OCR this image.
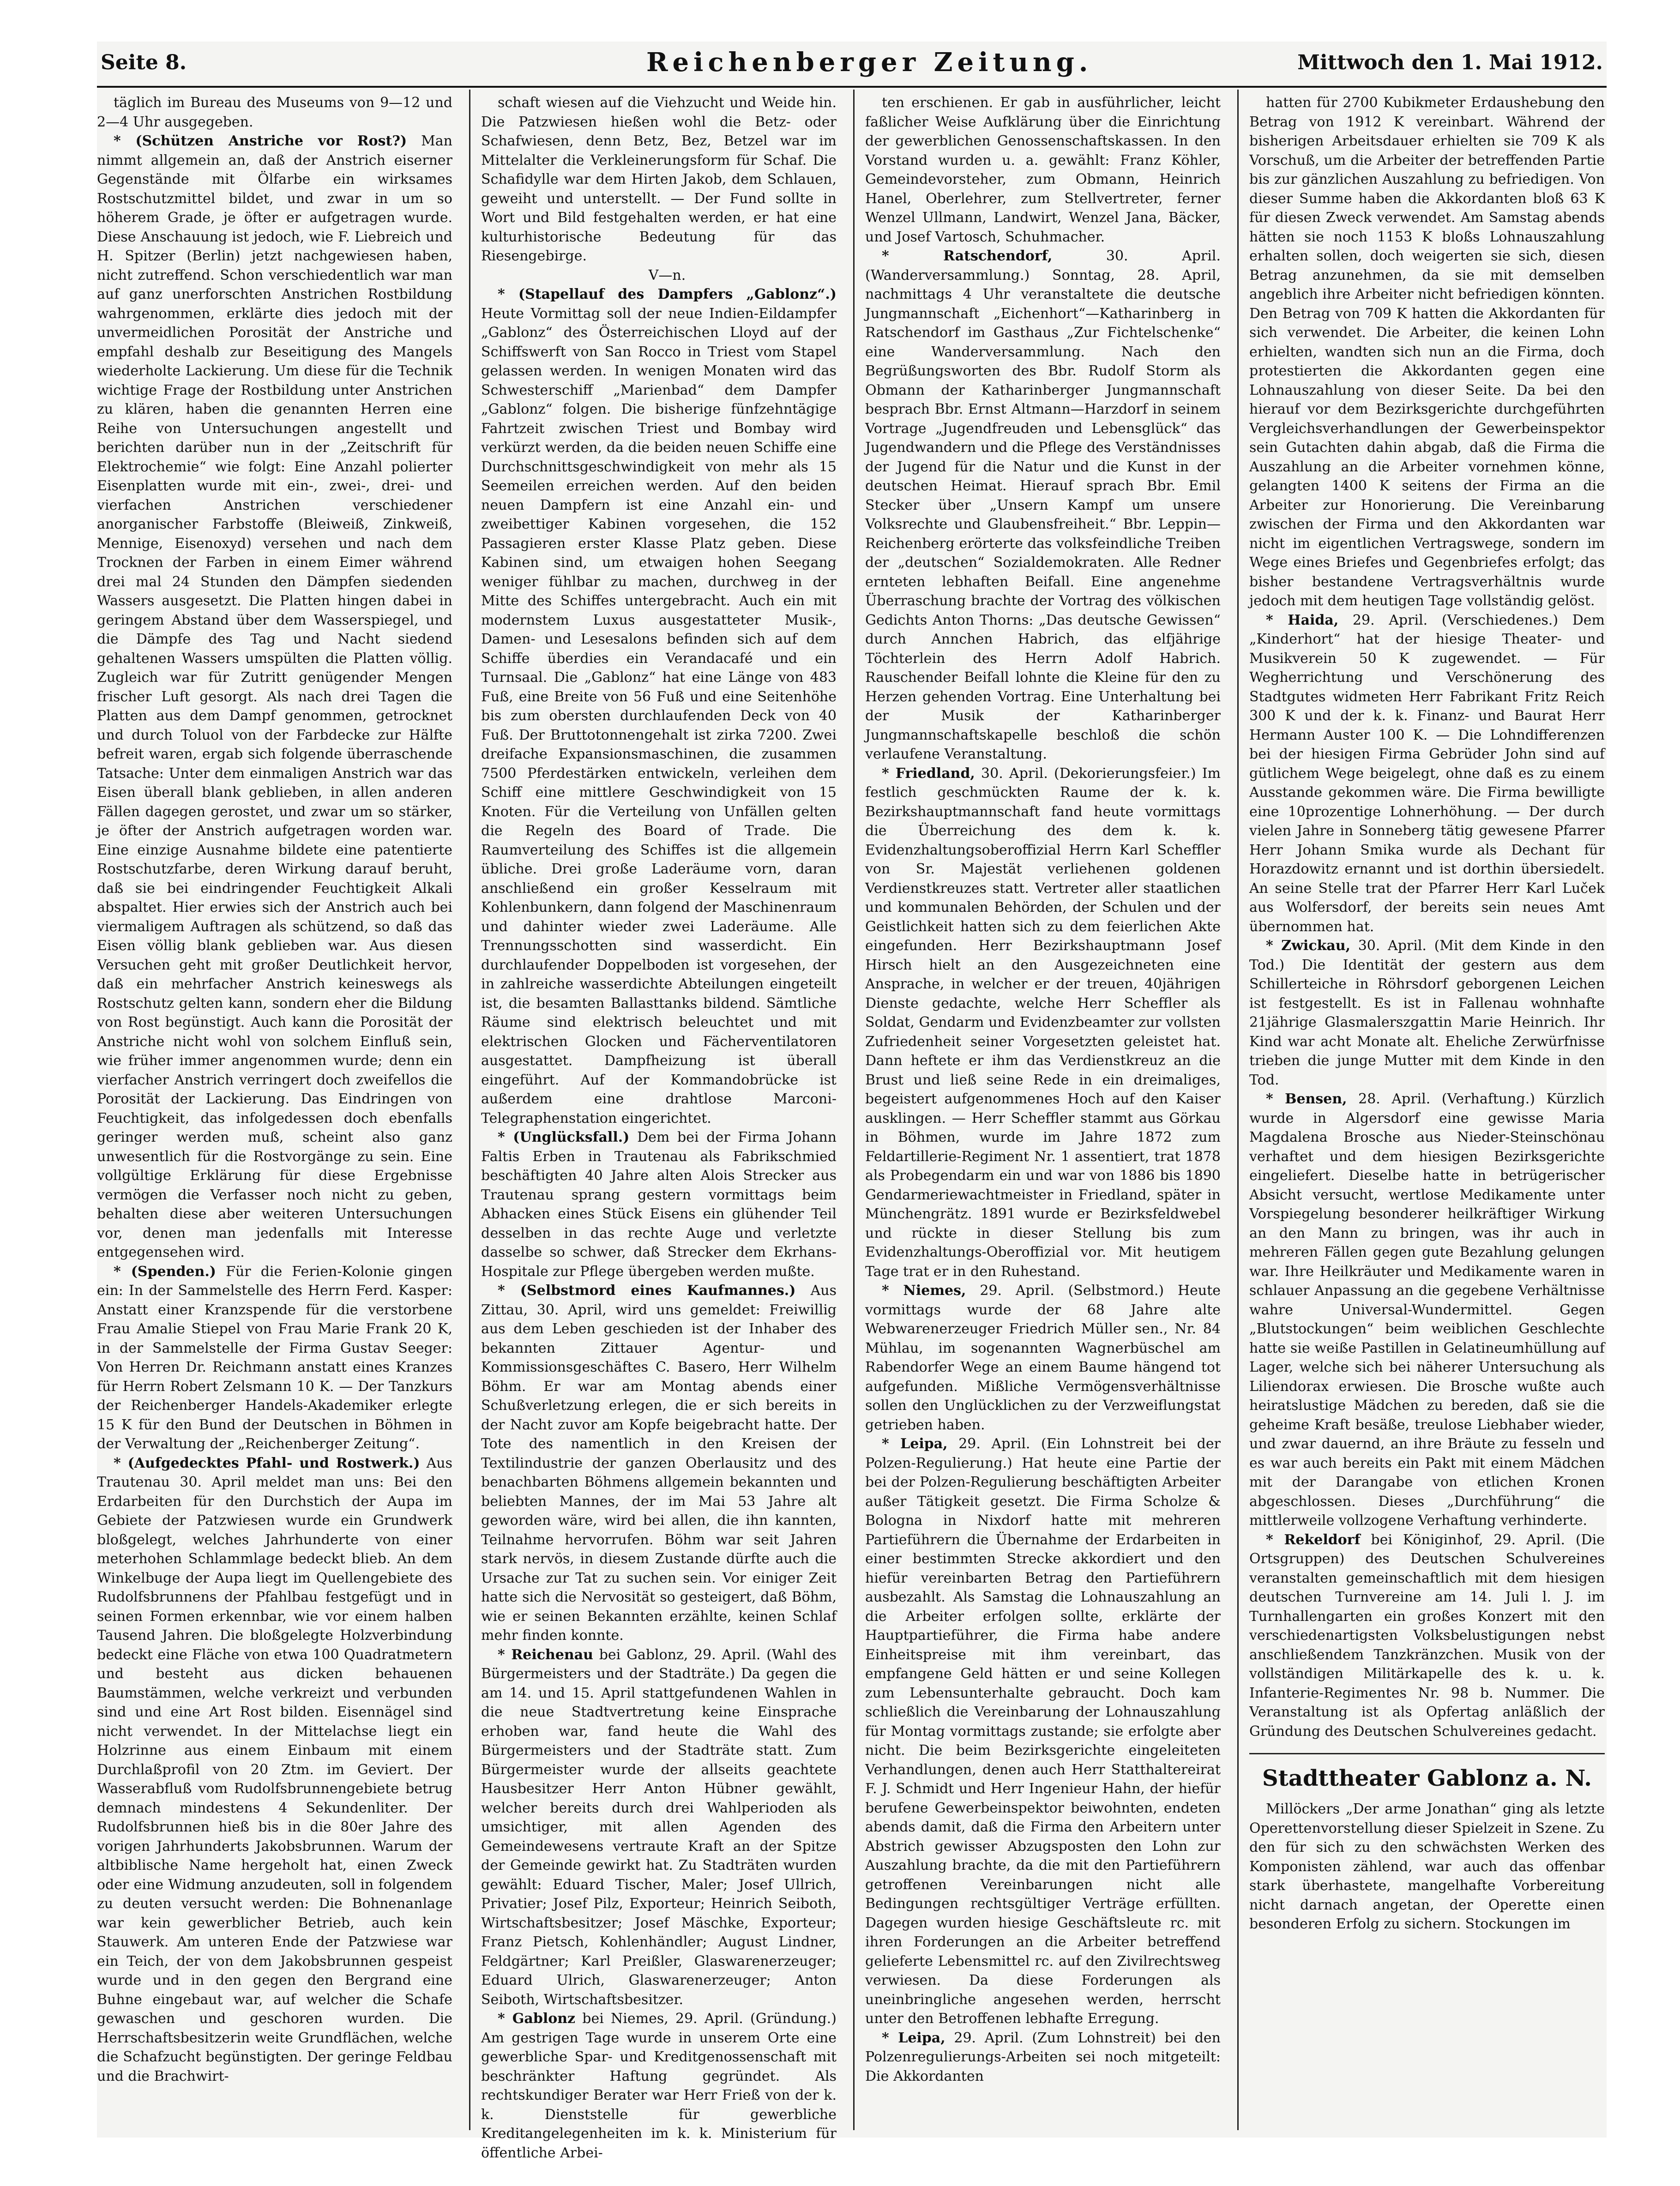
Seite 8.	Reichenberger Zeitung.	Mittwoch den 1. Mai 1912.

täglich im Bureau des Museums von 9—12 und 2—4 Uhr ausgegeben.

* (Schützen Anstriche vor Rost?) Man nimmt allgemein an, daß der Anstrich eiserner Gegenstände mit Ölfarbe ein wirksames Rostschutzmittel bildet, und zwar in um so höherem Grade, je öfter er aufgetragen wurde. Diese Anschauung ist jedoch, wie F. Liebreich und H. Spitzer (Berlin) jetzt nachgewiesen haben, nicht zutreffend. Schon verschiedentlich war man auf ganz unerforschten Anstrichen Rostbildung wahrgenommen, erklärte dies jedoch mit der unvermeidlichen Porosität der Anstriche und empfahl deshalb zur Beseitigung des Mangels wiederholte Lackierung. Um diese für die Technik wichtige Frage der Rostbildung unter Anstrichen zu klären, haben die genannten Herren eine Reihe von Untersuchungen angestellt und berichten darüber nun in der „Zeitschrift für Elektrochemie“ wie folgt: Eine Anzahl polierter Eisenplatten wurde mit ein-, zwei-, drei- und vierfachen Anstrichen verschiedener anorganischer Farbstoffe (Bleiweiß, Zinkweiß, Mennige, Eisenoxyd) versehen und nach dem Trocknen der Farben in einem Eimer während drei mal 24 Stunden den Dämpfen siedenden Wassers ausgesetzt. Die Platten hingen dabei in geringem Abstand über dem Wasserspiegel, und die Dämpfe des Tag und Nacht siedend gehaltenen Wassers umspülten die Platten völlig. Zugleich war für Zutritt genügender Mengen frischer Luft gesorgt. Als nach drei Tagen die Platten aus dem Dampf genommen, getrocknet und durch Toluol von der Farbdecke zur Hälfte befreit waren, ergab sich folgende überraschende Tatsache: Unter dem einmaligen Anstrich war das Eisen überall blank geblieben, in allen anderen Fällen dagegen gerostet, und zwar um so stärker, je öfter der Anstrich aufgetragen worden war. Eine einzige Ausnahme bildete eine patentierte Rostschutzfarbe, deren Wirkung darauf beruht, daß sie bei eindringender Feuchtigkeit Alkali abspaltet. Hier erwies sich der Anstrich auch bei viermaligem Auftragen als schützend, so daß das Eisen völlig blank geblieben war. Aus diesen Versuchen geht mit großer Deutlichkeit hervor, daß ein mehrfacher Anstrich keineswegs als Rostschutz gelten kann, sondern eher die Bildung von Rost begünstigt. Auch kann die Porosität der Anstriche nicht wohl von solchem Einfluß sein, wie früher immer angenommen wurde; denn ein vierfacher Anstrich verringert doch zweifellos die Porosität der Lackierung. Das Eindringen von Feuchtigkeit, das infolgedessen doch ebenfalls geringer werden muß, scheint also ganz unwesentlich für die Rostvorgänge zu sein. Eine vollgültige Erklärung für diese Ergebnisse vermögen die Verfasser noch nicht zu geben, behalten diese aber weiteren Untersuchungen vor, denen man jedenfalls mit Interesse entgegensehen wird.

* (Spenden.) Für die Ferien-Kolonie gingen ein: In der Sammelstelle des Herrn Ferd. Kasper: Anstatt einer Kranzspende für die verstorbene Frau Amalie Stiepel von Frau Marie Frank 20 K, in der Sammelstelle der Firma Gustav Seeger: Von Herren Dr. Reichmann anstatt eines Kranzes für Herrn Robert Zelsmann 10 K. — Der Tanzkurs der Reichenberger Handels-Akademiker erlegte 15 K für den Bund der Deutschen in Böhmen in der Verwaltung der „Reichenberger Zeitung“.

* (Aufgedecktes Pfahl- und Rostwerk.) Aus Trautenau 30. April meldet man uns: Bei den Erdarbeiten für den Durchstich der Aupa im Gebiete der Patzwiesen wurde ein Grundwerk bloßgelegt, welches Jahrhunderte von einer meterhohen Schlammlage bedeckt blieb. An dem Winkelbuge der Aupa liegt im Quellengebiete des Rudolfsbrunnens der Pfahlbau festgefügt und in seinen Formen erkennbar, wie vor einem halben Tausend Jahren. Die bloßgelegte Holzverbindung bedeckt eine Fläche von etwa 100 Quadratmetern und besteht aus dicken behauenen Baumstämmen, welche verkreizt und verbunden sind und eine Art Rost bilden. Eisennägel sind nicht verwendet. In der Mittelachse liegt ein Holzrinne aus einem Einbaum mit einem Durchlaßprofil von 20 Ztm. im Geviert. Der Wasserabfluß vom Rudolfsbrunnengebiete betrug demnach mindestens 4 Sekundenliter. Der Rudolfsbrunnen hieß bis in die 80er Jahre des vorigen Jahrhunderts Jakobsbrunnen. Warum der altbiblische Name hergeholt hat, einen Zweck oder eine Widmung anzudeuten, soll in folgendem zu deuten versucht werden: Die Bohnenanlage war kein gewerblicher Betrieb, auch kein Stauwerk. Am unteren Ende der Patzwiese war ein Teich, der von dem Jakobsbrunnen gespeist wurde und in den gegen den Bergrand eine Buhne eingebaut war, auf welcher die Schafe gewaschen und geschoren wurden. Die Herrschaftsbesitzerin weite Grundflächen, welche die Schafzucht begünstigten. Der geringe Feldbau und die Brachwirt-

schaft wiesen auf die Viehzucht und Weide hin. Die Patzwiesen hießen wohl die Betz- oder Schafwiesen, denn Betz, Bez, Betzel war im Mittelalter die Verkleinerungsform für Schaf. Die Schafidylle war dem Hirten Jakob, dem Schlauen, geweiht und unterstellt. — Der Fund sollte in Wort und Bild festgehalten werden, er hat eine kulturhistorische Bedeutung für das Riesengebirge.

V—n.

* (Stapellauf des Dampfers „Gablonz“.) Heute Vormittag soll der neue Indien-Eildampfer „Gablonz“ des Österreichischen Lloyd auf der Schiffswerft von San Rocco in Triest vom Stapel gelassen werden. In wenigen Monaten wird das Schwesterschiff „Marienbad“ dem Dampfer „Gablonz“ folgen. Die bisherige fünfzehntägige Fahrtzeit zwischen Triest und Bombay wird verkürzt werden, da die beiden neuen Schiffe eine Durchschnittsgeschwindigkeit von mehr als 15 Seemeilen erreichen werden. Auf den beiden neuen Dampfern ist eine Anzahl ein- und zweibettiger Kabinen vorgesehen, die 152 Passagieren erster Klasse Platz geben. Diese Kabinen sind, um etwaigen hohen Seegang weniger fühlbar zu machen, durchweg in der Mitte des Schiffes untergebracht. Auch ein mit modernstem Luxus ausgestatteter Musik-, Damen- und Lesesalons befinden sich auf dem Schiffe überdies ein Verandacafé und ein Turnsaal. Die „Gablonz“ hat eine Länge von 483 Fuß, eine Breite von 56 Fuß und eine Seitenhöhe bis zum obersten durchlaufenden Deck von 40 Fuß. Der Bruttotonnengehalt ist zirka 7200. Zwei dreifache Expansionsmaschinen, die zusammen 7500 Pferdestärken entwickeln, verleihen dem Schiff eine mittlere Geschwindigkeit von 15 Knoten. Für die Verteilung von Unfällen gelten die Regeln des Board of Trade. Die Raumverteilung des Schiffes ist die allgemein übliche. Drei große Laderäume vorn, daran anschließend ein großer Kesselraum mit Kohlenbunkern, dann folgend der Maschinenraum und dahinter wieder zwei Laderäume. Alle Trennungsschotten sind wasserdicht. Ein durchlaufender Doppelboden ist vorgesehen, der in zahlreiche wasserdichte Abteilungen eingeteilt ist, die besamten Ballasttanks bildend. Sämtliche Räume sind elektrisch beleuchtet und mit elektrischen Glocken und Fächerventilatoren ausgestattet. Dampfheizung ist überall eingeführt. Auf der Kommandobrücke ist außerdem eine drahtlose Marconi-Telegraphenstation eingerichtet.

* (Unglücksfall.) Dem bei der Firma Johann Faltis Erben in Trautenau als Fabrikschmied beschäftigten 40 Jahre alten Alois Strecker aus Trautenau sprang gestern vormittags beim Abhacken eines Stück Eisens ein glühender Teil desselben in das rechte Auge und verletzte dasselbe so schwer, daß Strecker dem Ekrhans-Hospitale zur Pflege übergeben werden mußte.

* (Selbstmord eines Kaufmannes.) Aus Zittau, 30. April, wird uns gemeldet: Freiwillig aus dem Leben geschieden ist der Inhaber des bekannten Zittauer Agentur- und Kommissionsgeschäftes C. Basero, Herr Wilhelm Böhm. Er war am Montag abends einer Schußverletzung erlegen, die er sich bereits in der Nacht zuvor am Kopfe beigebracht hatte. Der Tote des namentlich in den Kreisen der Textilindustrie der ganzen Oberlausitz und des benachbarten Böhmens allgemein bekannten und beliebten Mannes, der im Mai 53 Jahre alt geworden wäre, wird bei allen, die ihn kannten, Teilnahme hervorrufen. Böhm war seit Jahren stark nervös, in diesem Zustande dürfte auch die Ursache zur Tat zu suchen sein. Vor einiger Zeit hatte sich die Nervosität so gesteigert, daß Böhm, wie er seinen Bekannten erzählte, keinen Schlaf mehr finden konnte.

* Reichenau bei Gablonz, 29. April. (Wahl des Bürgermeisters und der Stadträte.) Da gegen die am 14. und 15. April stattgefundenen Wahlen in die neue Stadtvertretung keine Einsprache erhoben war, fand heute die Wahl des Bürgermeisters und der Stadträte statt. Zum Bürgermeister wurde der allseits geachtete Hausbesitzer Herr Anton Hübner gewählt, welcher bereits durch drei Wahlperioden als umsichtiger, mit allen Agenden des Gemeindewesens vertraute Kraft an der Spitze der Gemeinde gewirkt hat. Zu Stadträten wurden gewählt: Eduard Tischer, Maler; Josef Ullrich, Privatier; Josef Pilz, Exporteur; Heinrich Seiboth, Wirtschaftsbesitzer; Josef Mäschke, Exporteur; Franz Pietsch, Kohlenhändler; August Lindner, Feldgärtner; Karl Preißler, Glaswarenerzeuger; Eduard Ulrich, Glaswarenerzeuger; Anton Seiboth, Wirtschaftsbesitzer.

* Gablonz bei Niemes, 29. April. (Gründung.) Am gestrigen Tage wurde in unserem Orte eine gewerbliche Spar- und Kreditgenossenschaft mit beschränkter Haftung gegründet. Als rechtskundiger Berater war Herr Frieß von der k. k. Dienststelle für gewerbliche Kreditangelegenheiten im k. k. Ministerium für öffentliche Arbei-

ten erschienen. Er gab in ausführlicher, leicht faßlicher Weise Aufklärung über die Einrichtung der gewerblichen Genossenschaftskassen. In den Vorstand wurden u. a. gewählt: Franz Köhler, Gemeindevorsteher, zum Obmann, Heinrich Hanel, Oberlehrer, zum Stellvertreter, ferner Wenzel Ullmann, Landwirt, Wenzel Jana, Bäcker, und Josef Vartosch, Schuhmacher.

* Ratschendorf,	30. April. (Wanderversammlung.) Sonntag, 28. April, nachmittags 4 Uhr veranstaltete die deutsche Jungmannschaft „Eichenhort“—Katharinberg in Ratschendorf im Gasthaus „Zur Fichtelschenke“ eine Wanderversammlung. Nach den Begrüßungsworten des Bbr. Rudolf Storm als Obmann der Katharinberger Jungmannschaft besprach Bbr. Ernst Altmann—Harzdorf in seinem Vortrage „Jugendfreuden und Lebensglück“ das Jugendwandern und die Pflege des Verständnisses der Jugend für die Natur und die Kunst in der deutschen Heimat. Hierauf sprach Bbr. Emil Stecker über „Unsern Kampf um unsere Volksrechte und Glaubensfreiheit.“ Bbr. Leppin—Reichenberg erörterte das volksfeindliche Treiben der „deutschen“ Sozialdemokraten. Alle Redner ernteten lebhaften Beifall. Eine angenehme Überraschung brachte der Vortrag des völkischen Gedichts Anton Thorns: „Das deutsche Gewissen“ durch Annchen Habrich, das elfjährige Töchterlein des Herrn Adolf Habrich. Rauschender Beifall lohnte die Kleine für den zu Herzen gehenden Vortrag. Eine Unterhaltung bei der Musik der Katharinberger Jungmannschaftskapelle beschloß die schön verlaufene Veranstaltung.

* Friedland, 30. April. (Dekorierungsfeier.) Im festlich geschmückten Raume der k. k. Bezirkshauptmannschaft fand heute vormittags die Überreichung des dem k. k. Evidenzhaltungsoberoffizial Herrn Karl Scheffler von Sr. Majestät verliehenen goldenen Verdienstkreuzes statt. Vertreter aller staatlichen und kommunalen Behörden, der Schulen und der Geistlichkeit hatten sich zu dem feierlichen Akte eingefunden. Herr Bezirkshauptmann Josef Hirsch hielt an den Ausgezeichneten eine Ansprache, in welcher er der treuen, 40jährigen Dienste gedachte, welche Herr Scheffler als Soldat, Gendarm und Evidenzbeamter zur vollsten Zufriedenheit seiner Vorgesetzten geleistet hat. Dann heftete er ihm das Verdienstkreuz an die Brust und ließ seine Rede in ein dreimaliges, begeistert aufgenommenes Hoch auf den Kaiser ausklingen. — Herr Scheffler stammt aus Görkau in Böhmen, wurde im Jahre 1872 zum Feldartillerie-Regiment Nr. 1 assentiert, trat 1878 als Probegendarm ein und war von 1886 bis 1890 Gendarmeriewachtmeister in Friedland, später in Münchengrätz. 1891 wurde er Bezirksfeldwebel und rückte in dieser Stellung bis zum Evidenzhaltungs-Oberoffizial vor. Mit heutigem Tage trat er in den Ruhestand.

* Niemes, 29. April. (Selbstmord.) Heute vormittags wurde der 68 Jahre alte Webwarenerzeuger Friedrich Müller sen., Nr. 84 Mühlau, im sogenannten Wagnerbüschel am Rabendorfer Wege an einem Baume hängend tot aufgefunden. Mißliche Vermögensverhältnisse sollen den Unglücklichen zu der Verzweiflungstat getrieben haben.

* Leipa, 29. April. (Ein Lohnstreit bei der Polzen-Regulierung.) Hat heute eine Partie der bei der Polzen-Regulierung beschäftigten Arbeiter außer Tätigkeit gesetzt. Die Firma Scholze & Bologna in Nixdorf hatte mit mehreren Partieführern die Übernahme der Erdarbeiten in einer bestimmten Strecke akkordiert und den hiefür vereinbarten Betrag den Partieführern ausbezahlt. Als Samstag die Lohnauszahlung an die Arbeiter erfolgen sollte, erklärte der Hauptpartieführer, die Firma habe andere Einheitspreise mit ihm vereinbart, das empfangene Geld hätten er und seine Kollegen zum Lebensunterhalte gebraucht. Doch kam schließlich die Vereinbarung der Lohnauszahlung für Montag vormittags zustande; sie erfolgte aber nicht. Die beim Bezirksgerichte eingeleiteten Verhandlungen, denen auch Herr Statthaltereirat F. J. Schmidt und Herr Ingenieur Hahn, der hiefür berufene Gewerbeinspektor beiwohnten, endeten abends damit, daß die Firma den Arbeitern unter Abstrich gewisser Abzugsposten den Lohn zur Auszahlung brachte, da die mit den Partieführern getroffenen Vereinbarungen nicht alle Bedingungen rechtsgültiger Verträge erfüllten. Dagegen wurden hiesige Geschäftsleute rc. mit ihren Forderungen an die Arbeiter betreffend gelieferte Lebensmittel rc. auf den Zivilrechtsweg verwiesen. Da diese Forderungen als uneinbringliche angesehen werden, herrscht unter den Betroffenen lebhafte Erregung.

* Leipa, 29. April. (Zum Lohnstreit) bei den Polzenregulierungs-Arbeiten sei noch mitgeteilt: Die Akkordanten

hatten für 2700 Kubikmeter Erdaushebung den Betrag von 1912 K vereinbart. Während der bisherigen Arbeitsdauer erhielten sie 709 K als Vorschuß, um die Arbeiter der betreffenden Partie bis zur gänzlichen Auszahlung zu befriedigen. Von dieser Summe haben die Akkordanten bloß 63 K für diesen Zweck verwendet. Am Samstag abends hätten sie noch 1153 K bloßs Lohnauszahlung erhalten sollen, doch weigerten sie sich, diesen Betrag anzunehmen, da sie mit demselben angeblich ihre Arbeiter nicht befriedigen könnten. Den Betrag von 709 K hatten die Akkordanten für sich verwendet. Die Arbeiter, die keinen Lohn erhielten, wandten sich nun an die Firma, doch protestierten die Akkordanten gegen eine Lohnauszahlung von dieser Seite. Da bei den hierauf vor dem Bezirksgerichte durchgeführten Vergleichsverhandlungen der Gewerbeinspektor sein Gutachten dahin abgab, daß die Firma die Auszahlung an die Arbeiter vornehmen könne, gelangten 1400 K seitens der Firma an die Arbeiter zur Honorierung. Die Vereinbarung zwischen der Firma und den Akkordanten war nicht im eigentlichen Vertragswege, sondern im Wege eines Briefes und Gegenbriefes erfolgt; das bisher bestandene Vertragsverhältnis wurde jedoch mit dem heutigen Tage vollständig gelöst.

* Haida, 29. April. (Verschiedenes.) Dem „Kinderhort“ hat der hiesige Theater- und Musikverein 50 K zugewendet. — Für Wegherrichtung und Verschönerung des Stadtgutes widmeten Herr Fabrikant Fritz Reich 300 K und der k. k. Finanz- und Baurat Herr Hermann Auster 100 K. — Die Lohndifferenzen bei der hiesigen Firma Gebrüder John sind auf gütlichem Wege beigelegt, ohne daß es zu einem Ausstande gekommen wäre. Die Firma bewilligte eine 10prozentige Lohnerhöhung. — Der durch vielen Jahre in Sonneberg tätig gewesene Pfarrer Herr Johann Smika wurde als Dechant für Horazdowitz ernannt und ist dorthin übersiedelt. An seine Stelle trat der Pfarrer Herr Karl Luček aus Wolfersdorf, der bereits sein neues Amt übernommen hat.

* Zwickau, 30. April. (Mit dem Kinde in den Tod.) Die Identität der gestern aus dem Schillerteiche in Röhrsdorf geborgenen Leichen ist festgestellt. Es ist in Fallenau wohnhafte 21jährige Glasmalerszgattin Marie Heinrich. Ihr Kind war acht Monate alt. Eheliche Zerwürfnisse trieben die junge Mutter mit dem Kinde in den Tod.

* Bensen, 28. April. (Verhaftung.) Kürzlich wurde in Algersdorf eine gewisse Maria Magdalena Brosche aus Nieder-Steinschönau verhaftet und dem hiesigen Bezirksgerichte eingeliefert. Dieselbe hatte in betrügerischer Absicht versucht, wertlose Medikamente unter Vorspiegelung besonderer heilkräftiger Wirkung an den Mann zu bringen, was ihr auch in mehreren Fällen gegen gute Bezahlung gelungen war. Ihre Heilkräuter und Medikamente waren in schlauer Anpassung an die gegebene Verhältnisse wahre Universal-Wundermittel. Gegen „Blutstockungen“ beim weiblichen Geschlechte hatte sie weiße Pastillen in Gelatineumhüllung auf Lager, welche sich bei näherer Untersuchung als Liliendorax erwiesen. Die Brosche wußte auch heiratslustige Mädchen zu bereden, daß sie die geheime Kraft besäße, treulose Liebhaber wieder, und zwar dauernd, an ihre Bräute zu fesseln und es war auch bereits ein Pakt mit einem Mädchen mit der Darangabe von etlichen Kronen abgeschlossen. Dieses „Durchführung“ die mittlerweile vollzogene Verhaftung verhinderte.

* Rekeldorf bei Königinhof, 29. April. (Die Ortsgruppen) des Deutschen Schulvereines veranstalten gemeinschaftlich mit dem hiesigen deutschen Turnvereine am 14. Juli l. J. im Turnhallengarten ein großes Konzert mit den verschiedenartigsten Volksbelustigungen nebst anschließendem Tanzkränzchen. Musik von der vollständigen Militärkapelle des k. u. k. Infanterie-Regimentes Nr. 98 b. Nummer. Die Veranstaltung ist als Opfertag anläßlich der Gründung des Deutschen Schulvereines gedacht.

Stadttheater Gablonz a. N.

Millöckers „Der arme Jonathan“ ging als letzte Operettenvorstellung dieser Spielzeit in Szene. Zu den für sich zu den schwächsten Werken des Komponisten zählend, war auch das offenbar stark überhastete, mangelhafte Vorbereitung nicht darnach angetan, der Operette einen besonderen Erfolg zu sichern. Stockungen im
